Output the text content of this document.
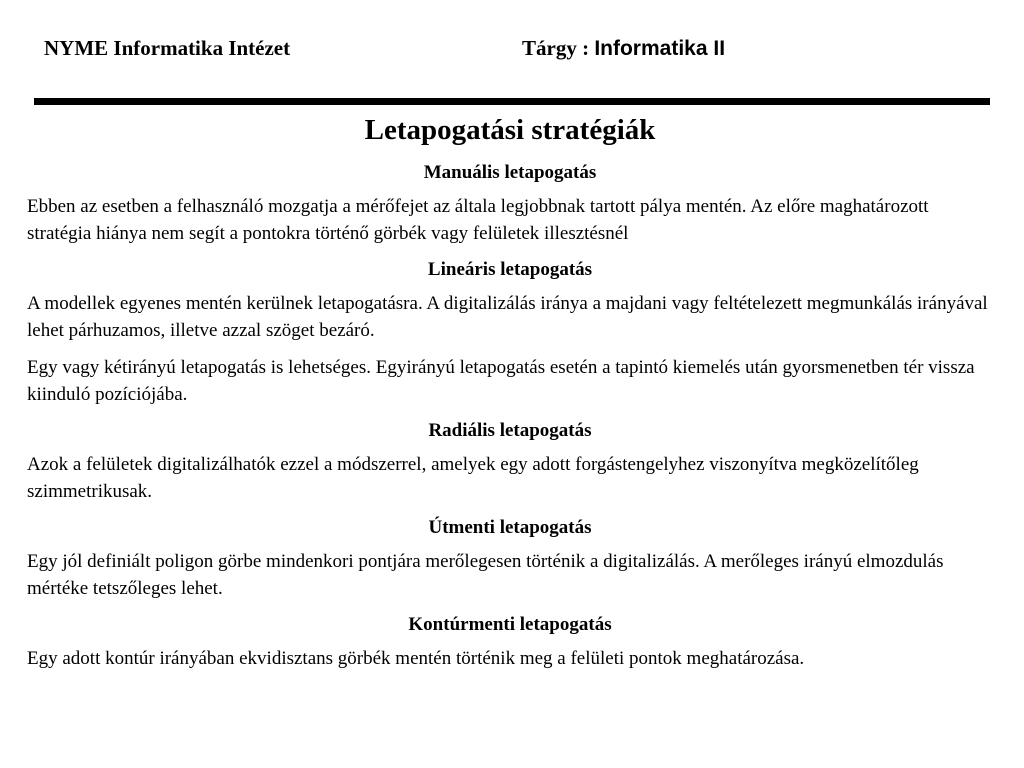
NYME Informatika Intézet	Tárgy : Informatika II
Letapogatási stratégiák
Manuális letapogatás
Ebben az esetben a felhasználó mozgatja a mérőfejet az általa legjobbnak tartott pálya mentén. Az előre maghatározott stratégia hiánya nem segít a pontokra történő görbék vagy felületek illesztésnél
Lineáris letapogatás
A modellek egyenes mentén kerülnek letapogatásra. A digitalizálás iránya a majdani vagy feltételezett megmunkálás irányával lehet párhuzamos, illetve azzal szöget bezáró.
Egy vagy kétirányú letapogatás is lehetséges. Egyirányú letapogatás esetén a tapintó kiemelés után gyorsmenetben tér vissza kiinduló pozíciójába.
Radiális letapogatás
Azok a felületek digitalizálhatók ezzel a módszerrel, amelyek egy adott forgástengelyhez viszonyítva megközelítőleg szimmetrikusak.
Útmenti letapogatás
Egy jól definiált poligon görbe mindenkori pontjára merőlegesen történik a digitalizálás. A merőleges irányú elmozdulás mértéke tetszőleges lehet.
Kontúrmenti letapogatás
Egy adott kontúr irányában ekvidisztans görbék mentén történik meg a felületi pontok meghatározása.
